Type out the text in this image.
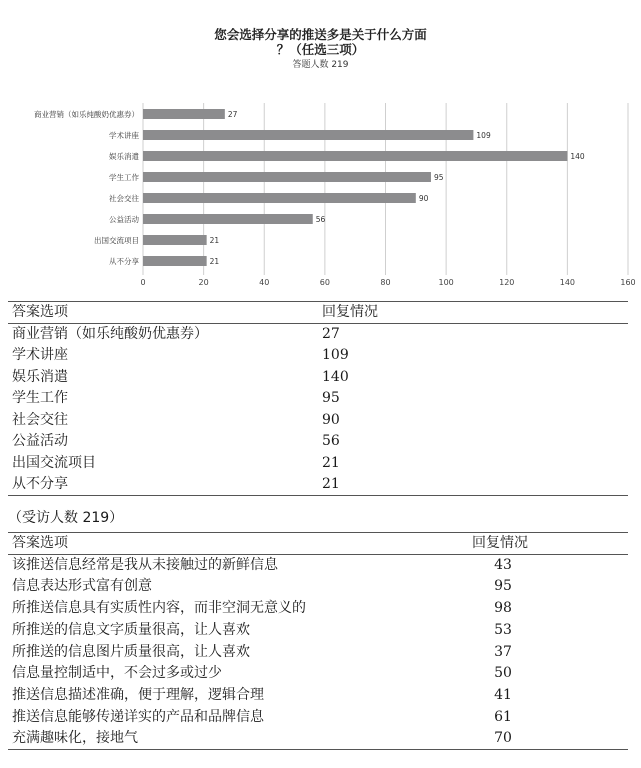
您会选择分享的推送多是关于什么方面
？（任选三项）
答题人数 219
0	20	40	60	80	100	120	140	160
商业营销（如乐纯酸奶优惠券）	27
学术讲座	109
娱乐消遣	140
学生工作	95
社会交往	90
公益活动	56
出国交流项目	21
从不分享	21
答案选项	回复情况
商业营销（如乐纯酸奶优惠券）	27
学术讲座	109
娱乐消遣	140
学生工作	95
社会交往	90
公益活动	56
出国交流项目	21
从不分享	21
（受访人数 219）
答案选项	回复情况
该推送信息经常是我从未接触过的新鲜信息	43
信息表达形式富有创意	95
所推送信息具有实质性内容，而非空洞无意义的	98
所推送的信息文字质量很高，让人喜欢	53
所推送的信息图片质量很高，让人喜欢	37
信息量控制适中，不会过多或过少	50
推送信息描述准确，便于理解，逻辑合理	41
推送信息能够传递详实的产品和品牌信息	61
充满趣味化，接地气	70
